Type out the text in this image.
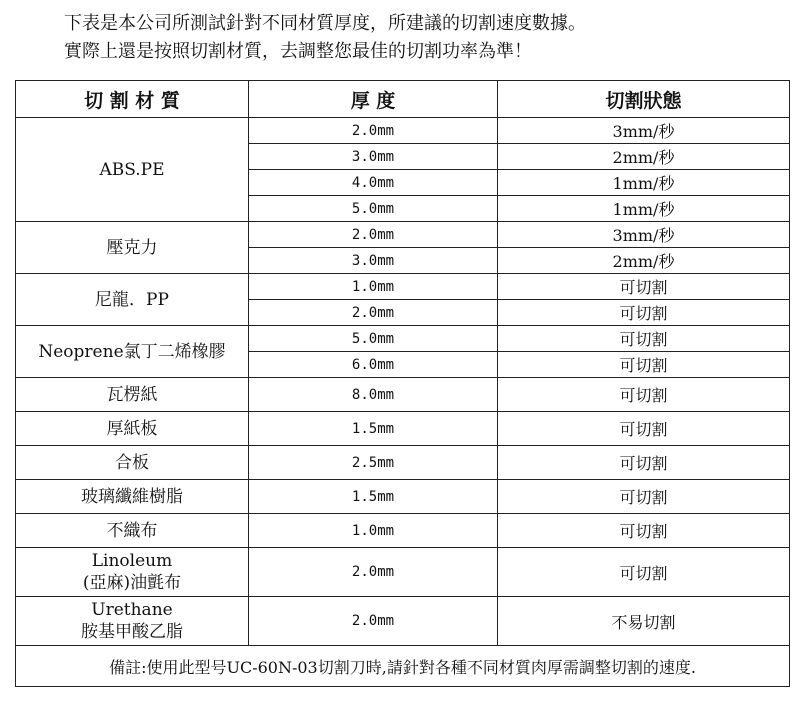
下表是本公司所測試針對不同材質厚度，所建議的切割速度數據。
實際上還是按照切割材質，去調整您最佳的切割功率為準！
切 割 材 質	厚 度	切割狀態
ABS.PE	2.0mm	3mm/秒
	3.0mm	2mm/秒
	4.0mm	1mm/秒
	5.0mm	1mm/秒
壓克力	2.0mm	3mm/秒
	3.0mm	2mm/秒
尼龍．PP	1.0mm	可切割
	2.0mm	可切割
Neoprene氯丁二烯橡膠	5.0mm	可切割
	6.0mm	可切割
瓦楞紙	8.0mm	可切割
厚紙板	1.5mm	可切割
合板	2.5mm	可切割
玻璃纖維樹脂	1.5mm	可切割
不織布	1.0mm	可切割

Linoleum
(亞麻)油氈布	2.0mm	可切割

Urethane
胺基甲酸乙脂	2.0mm	不易切割
備註:使用此型号UC-60N-03切割刀時,請針對各種不同材質肉厚需調整切割的速度.		
